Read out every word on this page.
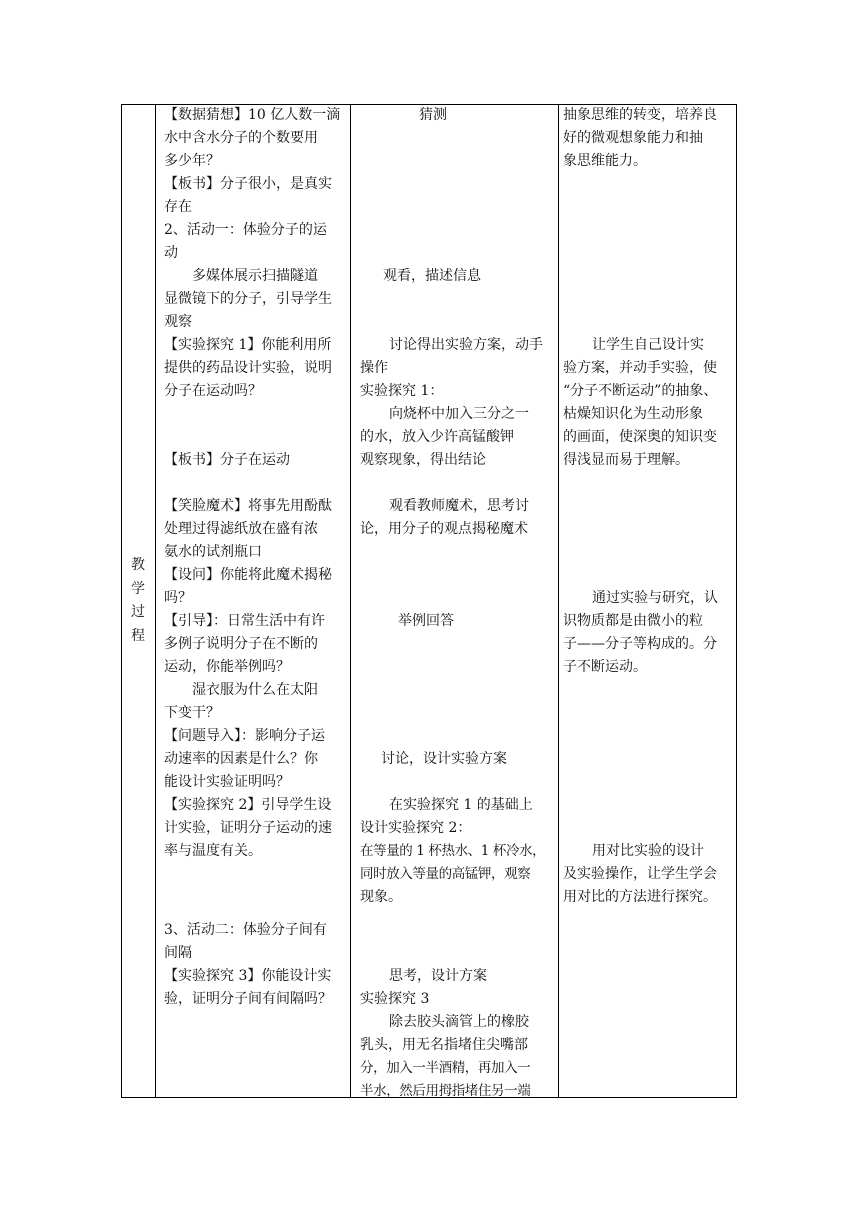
教
学
过
程
【数据猜想】10 亿人数一滴
水中含水分子的个数要用
多少年？
【板书】分子很小，是真实
存在
2、活动一：体验分子的运
动
　　多媒体展示扫描隧道
显微镜下的分子，引导学生
观察
【实验探究 1】你能利用所
提供的药品设计实验，说明
分子在运动吗？
【板书】分子在运动
【笑脸魔术】将事先用酚酞
处理过得滤纸放在盛有浓
氨水的试剂瓶口
【设问】你能将此魔术揭秘
吗？
【引导】：日常生活中有许
多例子说明分子在不断的
运动，你能举例吗？
　　湿衣服为什么在太阳
下变干？
【问题导入】：影响分子运
动速率的因素是什么？你
能设计实验证明吗？
【实验探究 2】引导学生设
计实验，证明分子运动的速
率与温度有关。
3、活动二：体验分子间有
间隔
【实验探究 3】你能设计实
验，证明分子间有间隔吗？
猜测
观看，描述信息
讨论得出实验方案，动手
操作
实验探究 1：
向烧杯中加入三分之一
的水，放入少许高锰酸钾
观察现象，得出结论
观看教师魔术，思考讨
论，用分子的观点揭秘魔术
举例回答
讨论，设计实验方案
在实验探究 1 的基础上
设计实验探究 2：
在等量的 1 杯热水、1 杯冷水，
同时放入等量的高锰钾，观察
现象。
思考，设计方案
实验探究 3
除去胶头滴管上的橡胶
乳头，用无名指堵住尖嘴部
分，加入一半酒精，再加入一
半水，然后用拇指堵住另一端
抽象思维的转变，培养良
好的微观想象能力和抽
象思维能力。
让学生自己设计实
验方案，并动手实验，使
“分子不断运动”的抽象、
枯燥知识化为生动形象
的画面，使深奥的知识变
得浅显而易于理解。
通过实验与研究，认
识物质都是由微小的粒
子——分子等构成的。分
子不断运动。
用对比实验的设计
及实验操作，让学生学会
用对比的方法进行探究。
